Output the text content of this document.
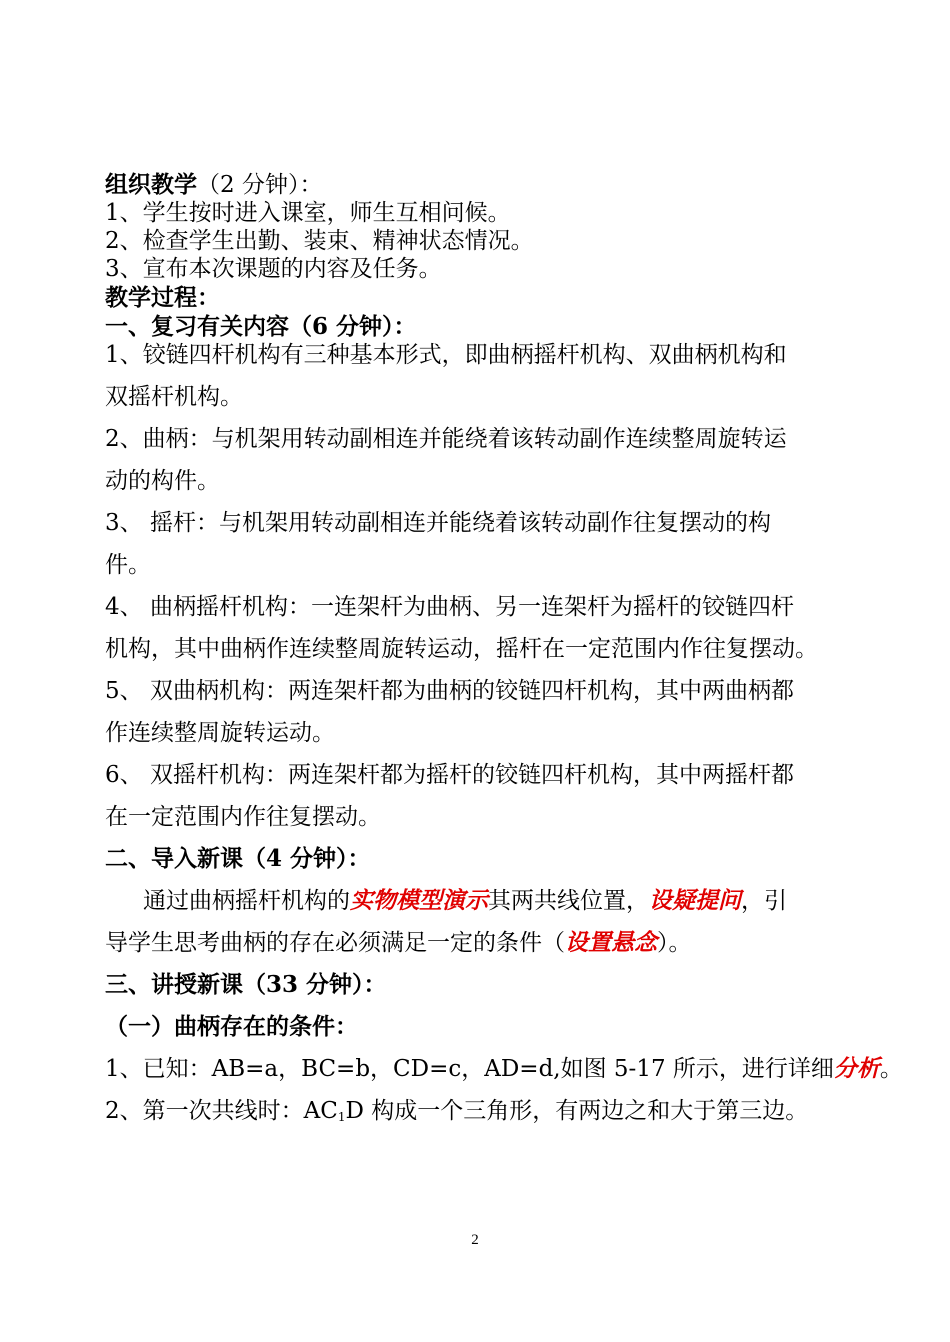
组织教学（2 分钟）：
1、学生按时进入课室，师生互相问候。
2、检查学生出勤、装束、精神状态情况。
3、宣布本次课题的内容及任务。
教学过程：
一、复习有关内容（6 分钟）：
1、铰链四杆机构有三种基本形式，即曲柄摇杆机构、双曲柄机构和
双摇杆机构。
2、曲柄：与机架用转动副相连并能绕着该转动副作连续整周旋转运
动的构件。
3、 摇杆：与机架用转动副相连并能绕着该转动副作往复摆动的构
件。
4、 曲柄摇杆机构：一连架杆为曲柄、另一连架杆为摇杆的铰链四杆
机构，其中曲柄作连续整周旋转运动，摇杆在一定范围内作往复摆动。
5、 双曲柄机构：两连架杆都为曲柄的铰链四杆机构，其中两曲柄都
作连续整周旋转运动。
6、 双摇杆机构：两连架杆都为摇杆的铰链四杆机构，其中两摇杆都
在一定范围内作往复摆动。
二、导入新课（4 分钟）：
通过曲柄摇杆机构的实物模型演示其两共线位置，设疑提问，引
导学生思考曲柄的存在必须满足一定的条件（设置悬念）。
三、讲授新课（33 分钟）：
（一）曲柄存在的条件：
1、已知：AB=a，BC=b，CD=c，AD=d,如图 5-17 所示，进行详细分析。
2、第一次共线时：$AC_1D$ 构成一个三角形，有两边之和大于第三边。
2
